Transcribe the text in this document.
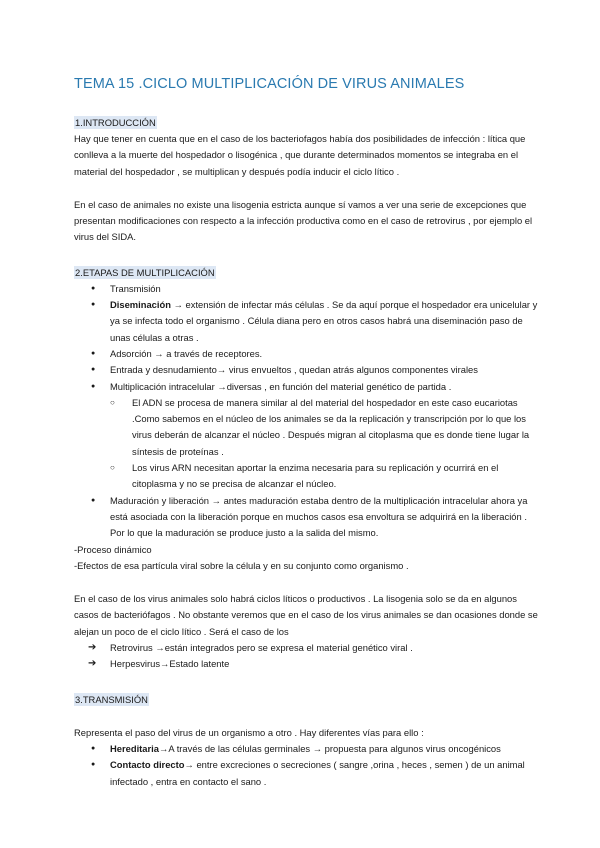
TEMA 15 .CICLO MULTIPLICACIÓN DE VIRUS ANIMALES
1.INTRODUCCIÓN

Hay que tener en cuenta que en el caso de los bacteriofagos había dos posibilidades de infección : lítica que conlleva a la muerte del hospedador o lisogénica , que durante determinados momentos se integraba en el material del hospedador , se multiplican y después podía inducir el ciclo lítico .

En el caso de animales no existe una lisogenia estricta aunque sí vamos a ver una serie de excepciones que presentan modificaciones con respecto a la infección productiva como en el caso de retrovirus , por ejemplo el virus del SIDA.

2.ETAPAS DE MULTIPLICACIÓN
● Transmisión
● Diseminación → extensión de infectar más células . Se da aquí porque el hospedador era unicelular y ya se infecta todo el organismo . Célula diana pero en otros casos habrá una diseminación paso de unas células a otras .
● Adsorción → a través de receptores.
● Entrada y desnudamiento→ virus envueltos , quedan atrás algunos componentes virales
● Multiplicación intracelular →diversas , en función del material genético de partida .
○ El ADN se procesa de manera similar al del material del hospedador en este caso eucariotas .Como sabemos en el núcleo de los animales se da la replicación y transcripción por lo que los virus deberán de alcanzar el núcleo . Después migran al citoplasma que es donde tiene lugar la síntesis de proteínas .
○ Los virus ARN necesitan aportar la enzima necesaria para su replicación y ocurrirá en el citoplasma y no se precisa de alcanzar el núcleo.
● Maduración y liberación → antes maduración estaba dentro de la multiplicación intracelular ahora ya está asociada con la liberación porque en muchos casos esa envoltura se adquirirá en la liberación . Por lo que la maduración se produce justo a la salida del mismo.

-Proceso dinámico

-Efectos de esa partícula viral sobre la célula y en su conjunto como organismo .

En el caso de los virus animales solo habrá ciclos líticos o productivos . La lisogenia solo se da en algunos casos de bacteriófagos . No obstante veremos que en el caso de los virus animales se dan ocasiones donde se alejan un poco de el ciclo lítico . Será el caso de los

➔ Retrovirus →están integrados pero se expresa el material genético viral .
➔ Herpesvirus→Estado latente
3.TRANSMISIÓN

Representa el paso del virus de un organismo a otro . Hay diferentes vías para ello :

● Hereditaria→A través de las células germinales → propuesta para algunos virus oncogénicos
● Contacto directo→ entre excreciones o secreciones ( sangre ,orina , heces , semen ) de un animal infectado , entra en contacto el sano .
